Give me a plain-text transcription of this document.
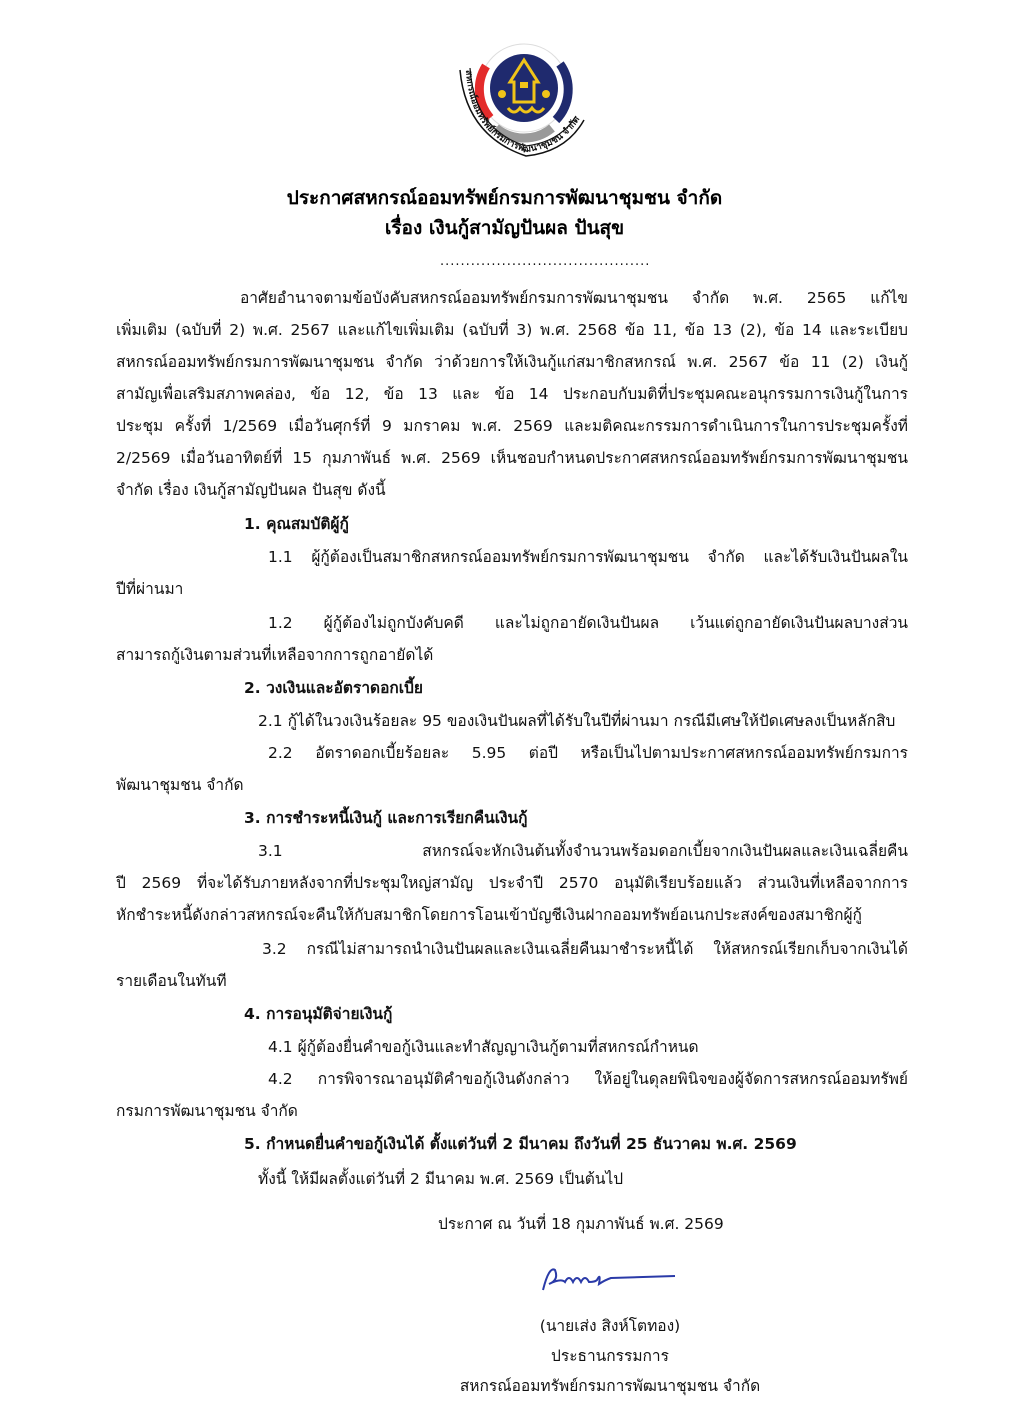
สหกรณ์ออมทรัพย์กรมการพัฒนาชุมชน จำกัด
ประกาศสหกรณ์ออมทรัพย์กรมการพัฒนาชุมชน จำกัด
เรื่อง เงินกู้สามัญปันผล ปันสุข
.........................................
อาศัยอำนาจตามข้อบังคับสหกรณ์ออมทรัพย์กรมการพัฒนาชุมชน จำกัด พ.ศ. 2565 แก้ไข
เพิ่มเติม (ฉบับที่ 2) พ.ศ. 2567 และแก้ไขเพิ่มเติม (ฉบับที่ 3) พ.ศ. 2568 ข้อ 11, ข้อ 13 (2), ข้อ 14 และระเบียบ
สหกรณ์ออมทรัพย์กรมการพัฒนาชุมชน จำกัด ว่าด้วยการให้เงินกู้แก่สมาชิกสหกรณ์ พ.ศ. 2567 ข้อ 11 (2) เงินกู้
สามัญเพื่อเสริมสภาพคล่อง, ข้อ 12, ข้อ 13 และ ข้อ 14 ประกอบกับมติที่ประชุมคณะอนุกรรมการเงินกู้ในการ
ประชุม ครั้งที่ 1/2569 เมื่อวันศุกร์ที่ 9 มกราคม พ.ศ. 2569 และมติคณะกรรมการดำเนินการในการประชุมครั้งที่
2/2569 เมื่อวันอาทิตย์ที่ 15 กุมภาพันธ์ พ.ศ. 2569 เห็นชอบกำหนดประกาศสหกรณ์ออมทรัพย์กรมการพัฒนาชุมชน
จำกัด เรื่อง เงินกู้สามัญปันผล ปันสุข ดังนี้
1. คุณสมบัติผู้กู้
1.1 ผู้กู้ต้องเป็นสมาชิกสหกรณ์ออมทรัพย์กรมการพัฒนาชุมชน จำกัด และได้รับเงินปันผลใน
ปีที่ผ่านมา
1.2 ผู้กู้ต้องไม่ถูกบังคับคดี และไม่ถูกอายัดเงินปันผล เว้นแต่ถูกอายัดเงินปันผลบางส่วน
สามารถกู้เงินตามส่วนที่เหลือจากการถูกอายัดได้
2. วงเงินและอัตราดอกเบี้ย
2.1 กู้ได้ในวงเงินร้อยละ 95 ของเงินปันผลที่ได้รับในปีที่ผ่านมา กรณีมีเศษให้ปัดเศษลงเป็นหลักสิบ
2.2 อัตราดอกเบี้ยร้อยละ 5.95 ต่อปี หรือเป็นไปตามประกาศสหกรณ์ออมทรัพย์กรมการ
พัฒนาชุมชน จำกัด
3. การชำระหนี้เงินกู้ และการเรียกคืนเงินกู้
3.1 สหกรณ์จะหักเงินต้นทั้งจำนวนพร้อมดอกเบี้ยจากเงินปันผลและเงินเฉลี่ยคืน
ปี 2569 ที่จะได้รับภายหลังจากที่ประชุมใหญ่สามัญ ประจำปี 2570 อนุมัติเรียบร้อยแล้ว ส่วนเงินที่เหลือจากการ
หักชำระหนี้ดังกล่าวสหกรณ์จะคืนให้กับสมาชิกโดยการโอนเข้าบัญชีเงินฝากออมทรัพย์อเนกประสงค์ของสมาชิกผู้กู้
3.2 กรณีไม่สามารถนำเงินปันผลและเงินเฉลี่ยคืนมาชำระหนี้ได้ ให้สหกรณ์เรียกเก็บจากเงินได้
รายเดือนในทันที
4. การอนุมัติจ่ายเงินกู้
4.1 ผู้กู้ต้องยื่นคำขอกู้เงินและทำสัญญาเงินกู้ตามที่สหกรณ์กำหนด
4.2 การพิจารณาอนุมัติคำขอกู้เงินดังกล่าว ให้อยู่ในดุลยพินิจของผู้จัดการสหกรณ์ออมทรัพย์
กรมการพัฒนาชุมชน จำกัด
5. กำหนดยื่นคำขอกู้เงินได้ ตั้งแต่วันที่ 2 มีนาคม ถึงวันที่ 25 ธันวาคม พ.ศ. 2569
ทั้งนี้ ให้มีผลตั้งแต่วันที่ 2 มีนาคม พ.ศ. 2569 เป็นต้นไป
ประกาศ ณ วันที่ 18 กุมภาพันธ์ พ.ศ. 2569
(นายเส่ง สิงห์โตทอง)
ประธานกรรมการ
สหกรณ์ออมทรัพย์กรมการพัฒนาชุมชน จำกัด
